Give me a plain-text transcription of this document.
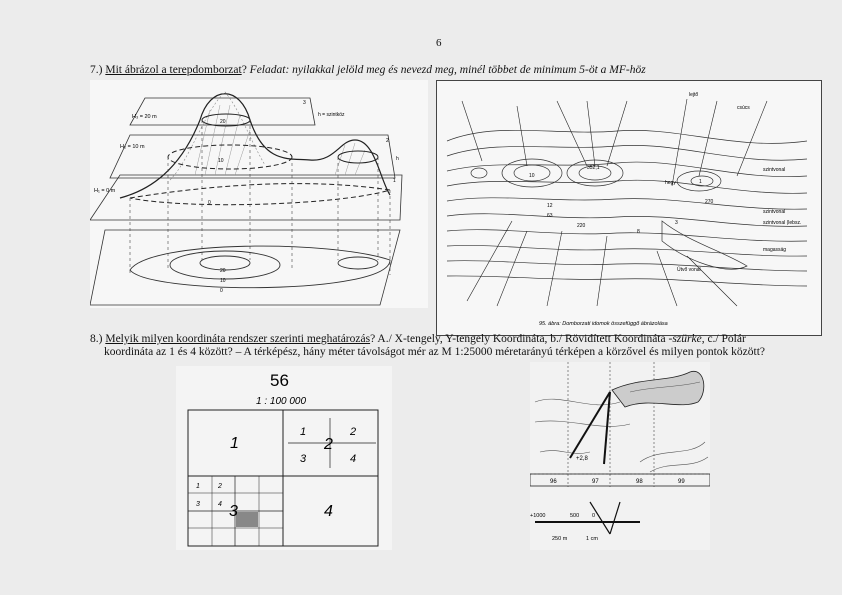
6
7.) Mit ábrázol a terepdomborzat? Feladat: nyilakkal jelöld meg és nevezd meg, minél többet de minimum 5-öt a MF-höz
H₃ = 20 m
H₂ = 10 m
H₁ = 0 m
h = szintköz
20
10
0
3
2
1
h
20
10
0
lejtő
csúcs
hegy
szintvonal
szintvonal
szintvonal (lebsz.
magasság
352,1
10
12
63
220
270
3
8
1
Útvő vonal
95. ábra: Domborzati idomok összefüggő ábrázolása
8.) Melyik milyen koordináta rendszer szerinti meghatározás? A./ X-tengely, Y-tengely Koordináta, b./ Rövidített Koordináta -szürke, c./ Polár
koordináta az 1 és 4 között? – A térképész, hány méter távolságot mér az M 1:25000 méretarányú térképen a körzővel és milyen pontok között?
56
1 : 100 000
1	2
3	4
1	2
3	4
1	2
3	4
96	97	98	99
+2,8
+1000	500 0
1 cm
250 m
